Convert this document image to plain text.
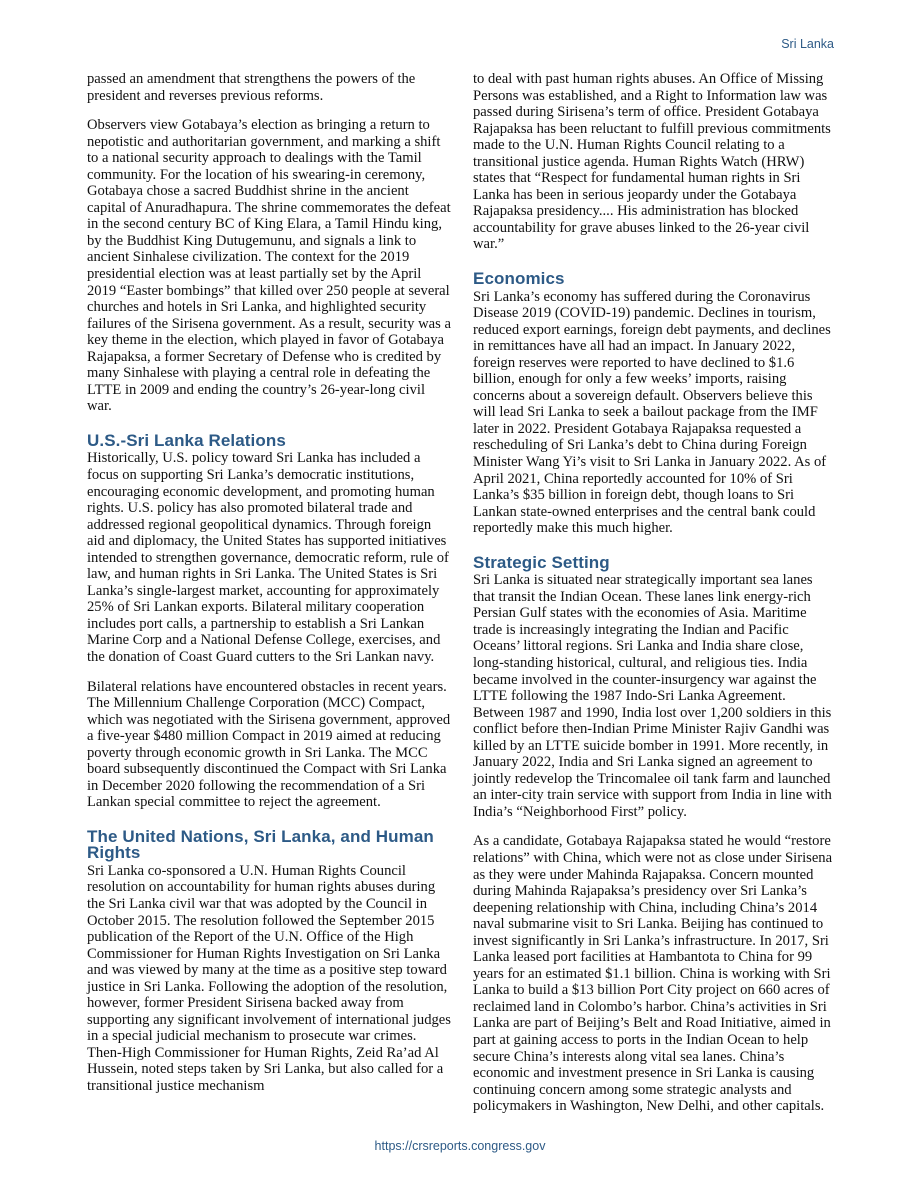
Sri Lanka

passed an amendment that strengthens the powers of the president and reverses previous reforms.

Observers view Gotabaya’s election as bringing a return to nepotistic and authoritarian government, and marking a shift to a national security approach to dealings with the Tamil community. For the location of his swearing-in ceremony, Gotabaya chose a sacred Buddhist shrine in the ancient capital of Anuradhapura. The shrine commemorates the defeat in the second century BC of King Elara, a Tamil Hindu king, by the Buddhist King Dutugemunu, and signals a link to ancient Sinhalese civilization. The context for the 2019 presidential election was at least partially set by the April 2019 “Easter bombings” that killed over 250 people at several churches and hotels in Sri Lanka, and highlighted security failures of the Sirisena government. As a result, security was a key theme in the election, which played in favor of Gotabaya Rajapaksa, a former Secretary of Defense who is credited by many Sinhalese with playing a central role in defeating the LTTE in 2009 and ending the country’s 26-year-long civil war.

U.S.-Sri Lanka Relations

Historically, U.S. policy toward Sri Lanka has included a focus on supporting Sri Lanka’s democratic institutions, encouraging economic development, and promoting human rights. U.S. policy has also promoted bilateral trade and addressed regional geopolitical dynamics. Through foreign aid and diplomacy, the United States has supported initiatives intended to strengthen governance, democratic reform, rule of law, and human rights in Sri Lanka. The United States is Sri Lanka’s single-largest market, accounting for approximately 25% of Sri Lankan exports. Bilateral military cooperation includes port calls, a partnership to establish a Sri Lankan Marine Corp and a National Defense College, exercises, and the donation of Coast Guard cutters to the Sri Lankan navy.

Bilateral relations have encountered obstacles in recent years. The Millennium Challenge Corporation (MCC) Compact, which was negotiated with the Sirisena government, approved a five-year $480 million Compact in 2019 aimed at reducing poverty through economic growth in Sri Lanka. The MCC board subsequently discontinued the Compact with Sri Lanka in December 2020 following the recommendation of a Sri Lankan special committee to reject the agreement.

The United Nations, Sri Lanka, and Human Rights

Sri Lanka co-sponsored a U.N. Human Rights Council resolution on accountability for human rights abuses during the Sri Lanka civil war that was adopted by the Council in October 2015. The resolution followed the September 2015 publication of the Report of the U.N. Office of the High Commissioner for Human Rights Investigation on Sri Lanka and was viewed by many at the time as a positive step toward justice in Sri Lanka. Following the adoption of the resolution, however, former President Sirisena backed away from supporting any significant involvement of international judges in a special judicial mechanism to prosecute war crimes. Then-High Commissioner for Human Rights, Zeid Ra’ad Al Hussein, noted steps taken by Sri Lanka, but also called for a transitional justice mechanism

to deal with past human rights abuses. An Office of Missing Persons was established, and a Right to Information law was passed during Sirisena’s term of office. President Gotabaya Rajapaksa has been reluctant to fulfill previous commitments made to the U.N. Human Rights Council relating to a transitional justice agenda. Human Rights Watch (HRW) states that “Respect for fundamental human rights in Sri Lanka has been in serious jeopardy under the Gotabaya Rajapaksa presidency.... His administration has blocked accountability for grave abuses linked to the 26-year civil war.”

Economics

Sri Lanka’s economy has suffered during the Coronavirus Disease 2019 (COVID-19) pandemic. Declines in tourism, reduced export earnings, foreign debt payments, and declines in remittances have all had an impact. In January 2022, foreign reserves were reported to have declined to $1.6 billion, enough for only a few weeks’ imports, raising concerns about a sovereign default. Observers believe this will lead Sri Lanka to seek a bailout package from the IMF later in 2022. President Gotabaya Rajapaksa requested a rescheduling of Sri Lanka’s debt to China during Foreign Minister Wang Yi’s visit to Sri Lanka in January 2022. As of April 2021, China reportedly accounted for 10% of Sri Lanka’s $35 billion in foreign debt, though loans to Sri Lankan state-owned enterprises and the central bank could reportedly make this much higher.

Strategic Setting

Sri Lanka is situated near strategically important sea lanes that transit the Indian Ocean. These lanes link energy-rich Persian Gulf states with the economies of Asia. Maritime trade is increasingly integrating the Indian and Pacific Oceans’ littoral regions. Sri Lanka and India share close, long-standing historical, cultural, and religious ties. India became involved in the counter-insurgency war against the LTTE following the 1987 Indo-Sri Lanka Agreement. Between 1987 and 1990, India lost over 1,200 soldiers in this conflict before then-Indian Prime Minister Rajiv Gandhi was killed by an LTTE suicide bomber in 1991. More recently, in January 2022, India and Sri Lanka signed an agreement to jointly redevelop the Trincomalee oil tank farm and launched an inter-city train service with support from India in line with India’s “Neighborhood First” policy.

As a candidate, Gotabaya Rajapaksa stated he would “restore relations” with China, which were not as close under Sirisena as they were under Mahinda Rajapaksa. Concern mounted during Mahinda Rajapaksa’s presidency over Sri Lanka’s deepening relationship with China, including China’s 2014 naval submarine visit to Sri Lanka. Beijing has continued to invest significantly in Sri Lanka’s infrastructure. In 2017, Sri Lanka leased port facilities at Hambantota to China for 99 years for an estimated $1.1 billion. China is working with Sri Lanka to build a $13 billion Port City project on 660 acres of reclaimed land in Colombo’s harbor. China’s activities in Sri Lanka are part of Beijing’s Belt and Road Initiative, aimed in part at gaining access to ports in the Indian Ocean to help secure China’s interests along vital sea lanes. China’s economic and investment presence in Sri Lanka is causing continuing concern among some strategic analysts and policymakers in Washington, New Delhi, and other capitals.

https://crsreports.congress.gov
